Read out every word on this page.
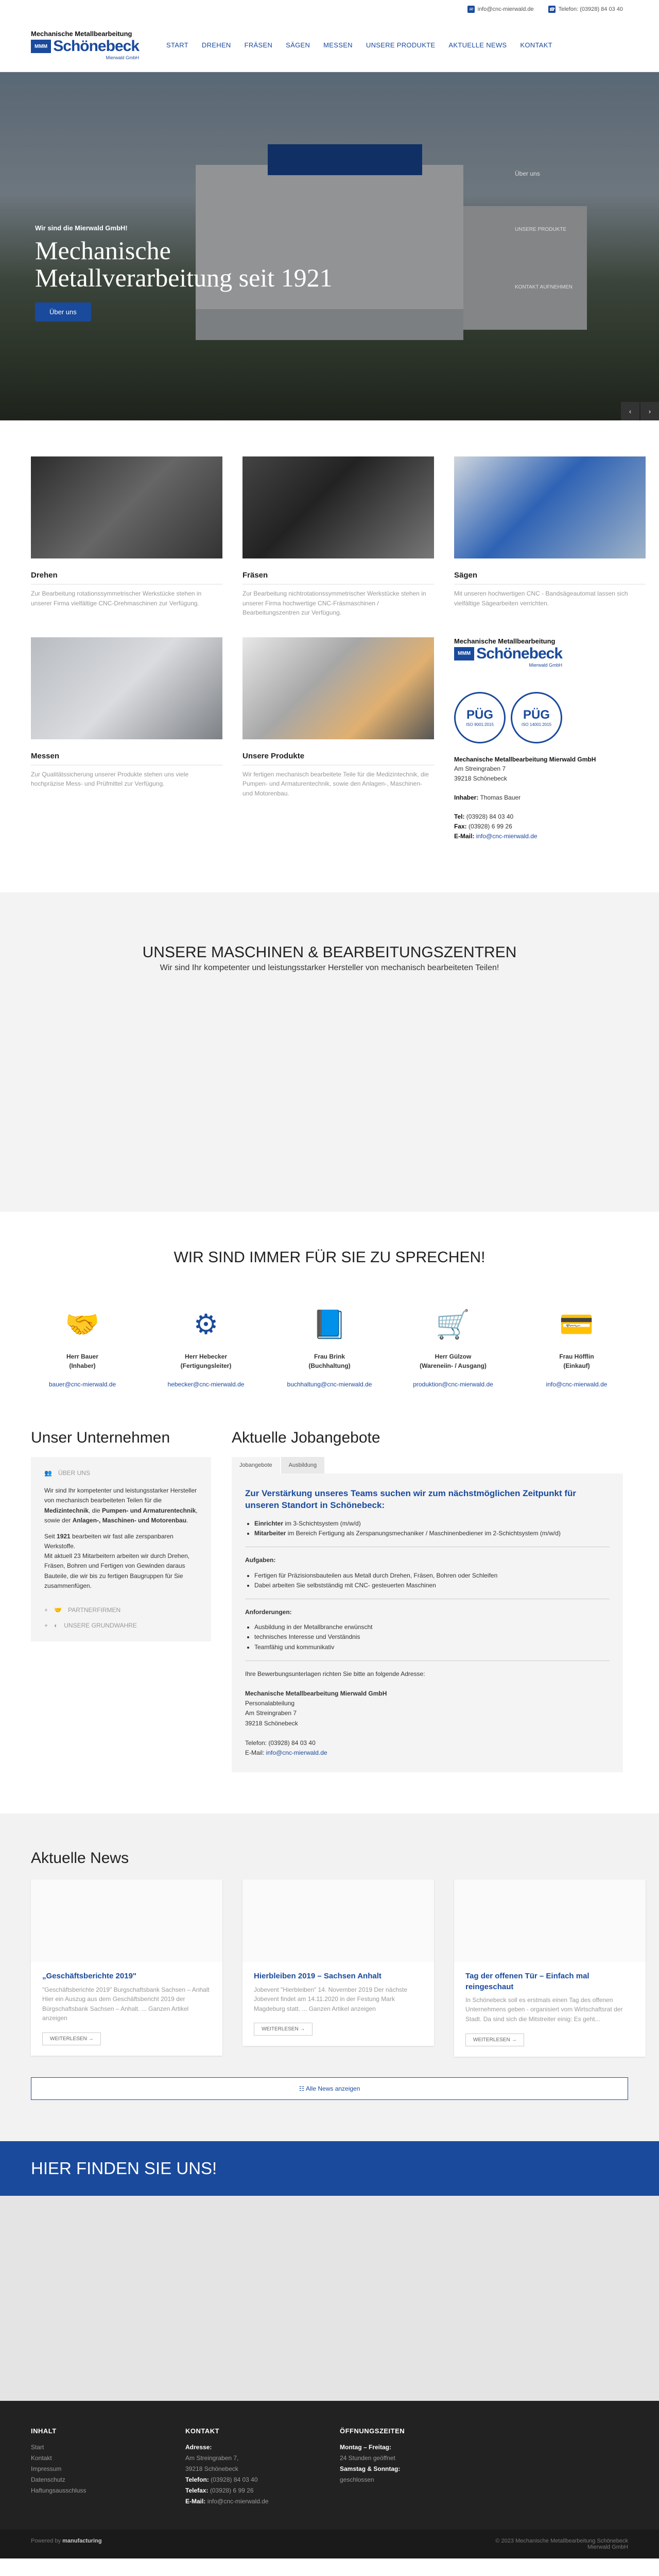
✉ info@cnc-mierwald.de	☎ Telefon: (03928) 84 03 40
Mechanische Metallbearbeitung
MMM Schönebeck
Mierwald GmbH
START	DREHEN	FRÄSEN	SÄGEN	MESSEN	UNSERE PRODUKTE	AKTUELLE NEWS	KONTAKT
Wir sind die Mierwald GmbH!
Mechanische
Metallverarbeitung seit 1921
Über uns
Über uns
UNSERE PRODUKTE
KONTAKT AUFNEHMEN
‹	›
Drehen

Zur Bearbeitung rotationssymmetrischer Werkstücke stehen in unserer Firma vielfältige CNC-Drehmaschinen zur Verfügung.

Fräsen

Zur Bearbeitung nichtrotationssymmetrischer Werkstücke stehen in unserer Firma hochwertige CNC-Fräsmaschinen / Bearbeitungszentren zur Verfügung.

Sägen

Mit unseren hochwertigen CNC - Bandsägeautomat lassen sich vielfältige Sägearbeiten verrichten.

Messen

Zur Qualitätssicherung unserer Produkte stehen uns viele hochpräzise Mess- und Prüfmittel zur Verfügung.

Unsere Produkte

Wir fertigen mechanisch bearbeitete Teile für die Medizintechnik, die Pumpen- und Armaturentechnik, sowie den Anlagen-, Maschinen- und Motorenbau.

Mechanische Metallbearbeitung
MMM Schönebeck
Mierwald GmbH
PÜG
ISO 9001:2015
PÜG
ISO 14001:2015

Mechanische Metallbearbeitung Mierwald GmbH
Am Streingraben 7
39218 Schönebeck

Inhaber: Thomas Bauer

Tel: (03928) 84 03 40
Fax: (03928) 6 99 26
E-Mail: info@cnc-mierwald.de

UNSERE MASCHINEN & BEARBEITUNGSZENTREN

Wir sind Ihr kompetenter und leistungsstarker Hersteller von mechanisch bearbeiteten Teilen!

WIR SIND IMMER FÜR SIE ZU SPRECHEN!
🤝
Herr Bauer
(Inhaber)
bauer@cnc-mierwald.de
⚙
Herr Hebecker
(Fertigungsleiter)
hebecker@cnc-mierwald.de
📘
Frau Brink
(Buchhaltung)
buchhaltung@cnc-mierwald.de
🛒
Herr Gülzow
(Wareneiin- / Ausgang)
produktion@cnc-mierwald.de
💳
Frau Höfflin
(Einkauf)
info@cnc-mierwald.de
Unser Unternehmen
👥 ÜBER UNS

Wir sind Ihr kompetenter und leistungsstarker Hersteller von mechanisch bearbeiteten Teilen für die Medizintechnik, die Pumpen- und Armaturentechnik, sowie der Anlagen-, Maschinen- und Motorenbau.

Seit 1921 bearbeiten wir fast alle zerspanbaren Werkstoffe.
Mit aktuell 23 Mitarbeitern arbeiten wir durch Drehen, Fräsen, Bohren und Fertigen von Gewinden daraus Bauteile, die wir bis zu fertigen Baugruppen für Sie zusammenfügen.

+ 🤝 PARTNERFIRMEN
+ ◐ UNSERE GRUNDWAHRE
Aktuelle Jobangebote
Jobangebote	Ausbildung
Zur Verstärkung unseres Teams suchen wir zum nächstmöglichen Zeitpunkt für unseren Standort in Schönebeck:
• Einrichter im 3-Schichtsystem (m/w/d)
• Mitarbeiter im Bereich Fertigung als Zerspanungsmechaniker / Maschinenbediener im 2-Schichtsystem (m/w/d)
Aufgaben:
• Fertigen für Präzisionsbauteilen aus Metall durch Drehen, Fräsen, Bohren oder Schleifen
• Dabei arbeiten Sie selbstständig mit CNC- gesteuerten Maschinen
Anforderungen:
• Ausbildung in der Metallbranche erwünscht
• technisches Interesse und Verständnis
• Teamfähig und kommunikativ

Ihre Bewerbungsunterlagen richten Sie bitte an folgende Adresse:

Mechanische Metallbearbeitung Mierwald GmbH
Personalabteilung
Am Streingraben 7
39218 Schönebeck

Telefon: (03928) 84 03 40
E-Mail: info@cnc-mierwald.de

Aktuelle News
„Geschäftsberichte 2019"

"Geschäftsberichte 2019" Burgschaftsbank Sachsen – Anhalt Hier ein Auszug aus dem Geschäftsbericht 2019 der Bürgschaftsbank Sachsen – Anhalt. ... Ganzen Artikel anzeigen

WEITERLESEN →
Hierbleiben 2019 – Sachsen Anhalt

Jobevent "Hierbleiben" 14. November 2019 Der nächste Jobevent findet am 14.11.2020 in der Festung Mark Magdeburg statt. ... Ganzen Artikel anzeigen

WEITERLESEN →
Tag der offenen Tür – Einfach mal reingeschaut

In Schönebeck soll es erstmals einen Tag des offenen Unternehmens geben - organisiert vom Wirtschaftsrat der Stadt. Da sind sich die Mitstreiter einig: Es geht...

WEITERLESEN →
☷ Alle News anzeigen
HIER FINDEN SIE UNS!
INHALT
Start
Kontakt
Impressum
Datenschutz
Haftungsausschluss
KONTAKT
Adresse:
Am Streingraben 7,
39218 Schönebeck
Telefon: (03928) 84 03 40
Telefax: (03928) 6 99 26
E-Mail: info@cnc-mierwald.de
ÖFFNUNGSZEITEN
Montag – Freitag:
24 Stunden geöffnet
Samstag & Sonntag:
geschlossen
Powered by manufacturing	© 2023 Mechanische Metallbearbeitung Schönebeck
Mierwald GmbH
